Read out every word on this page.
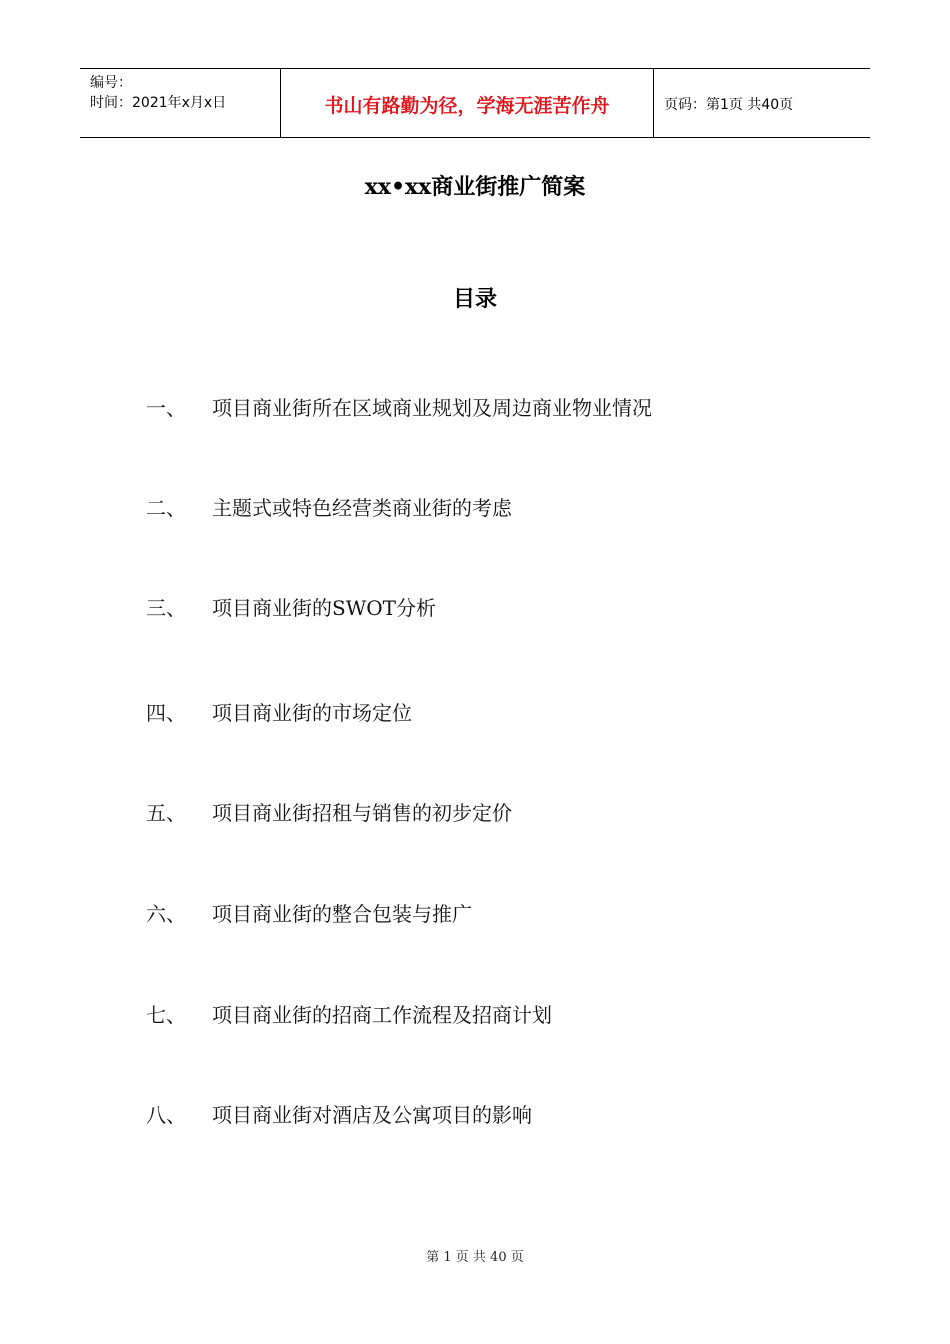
编号：
时间：2021年x月x日	书山有路勤为径，学海无涯苦作舟	页码：第1页 共40页
xx•xx商业街推广简案
目录
一、 项目商业街所在区域商业规划及周边商业物业情况
二、 主题式或特色经营类商业街的考虑
三、 项目商业街的SWOT分析
四、 项目商业街的市场定位
五、 项目商业街招租与销售的初步定价
六、 项目商业街的整合包装与推广
七、 项目商业街的招商工作流程及招商计划
八、 项目商业街对酒店及公寓项目的影响
第 1 页 共 40 页
